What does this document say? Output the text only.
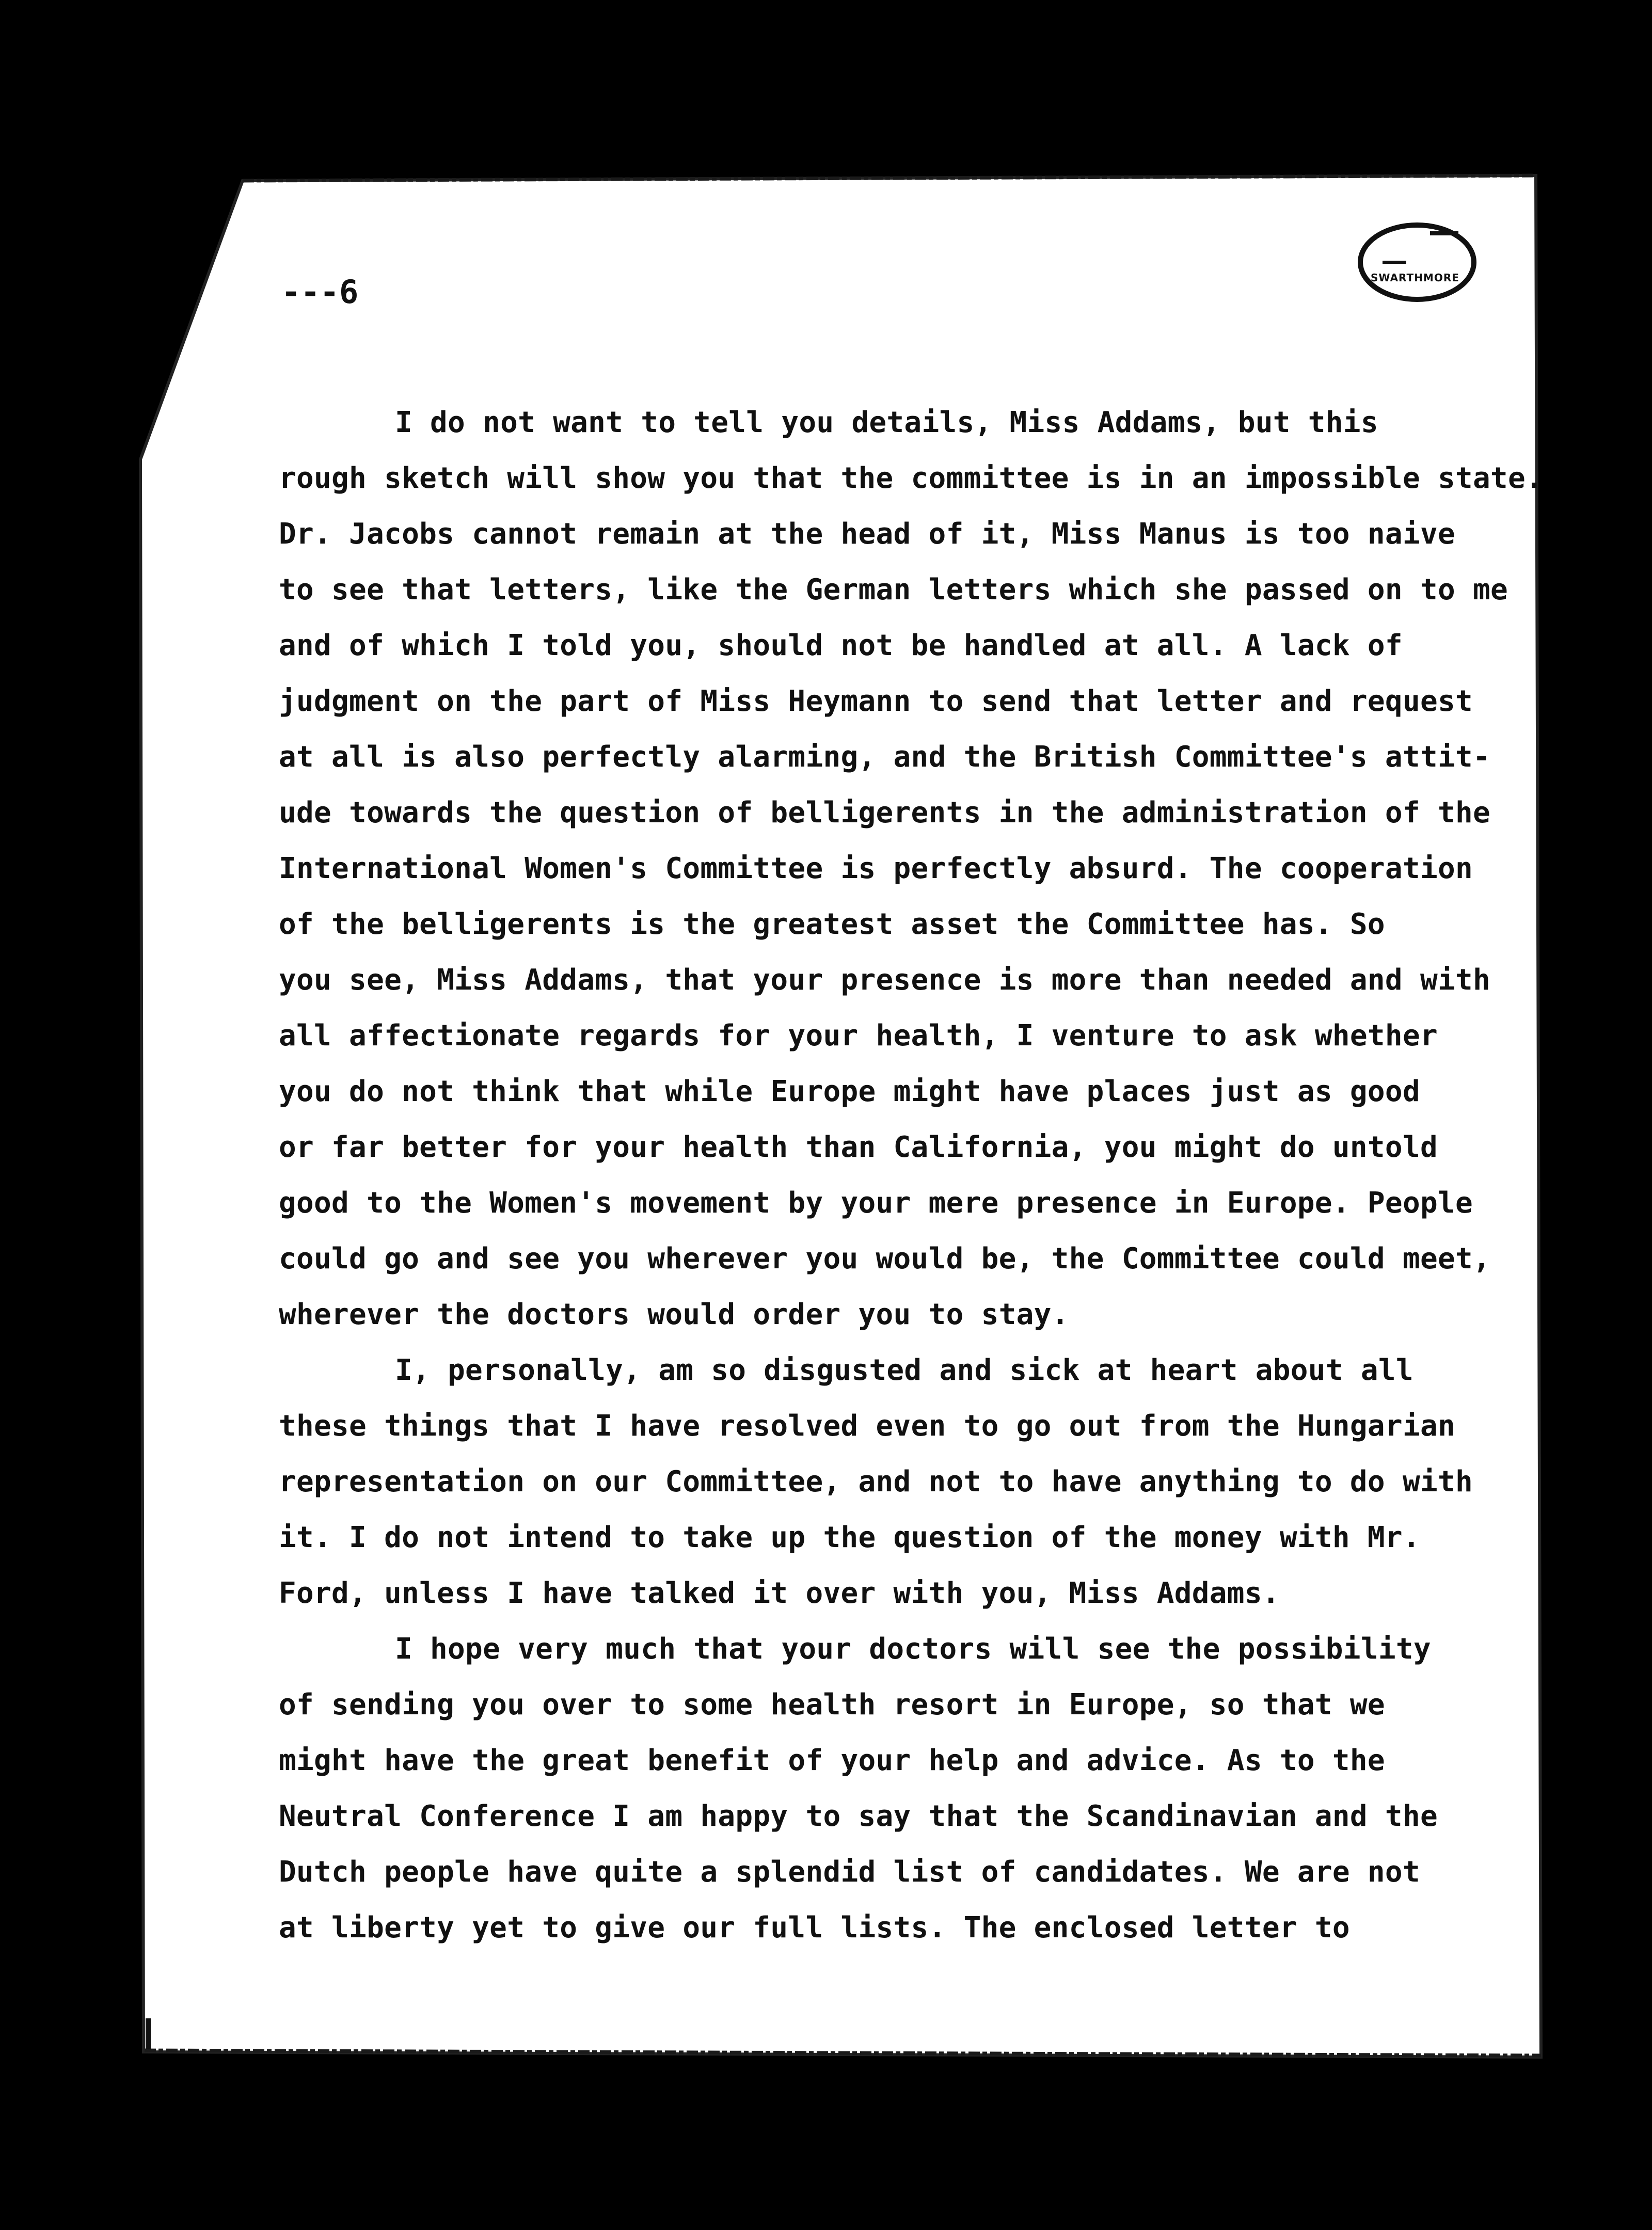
SWARTHMORE
---6
I do not want to tell you details, Miss Addams, but this
rough sketch will show you that the committee is in an impossible state.
Dr. Jacobs cannot remain at the head of it, Miss Manus is too naive
to see that letters, like the German letters which she passed on to me
and of which I told you, should not be handled at all. A lack of
judgment on the part of Miss Heymann to send that letter and request
at all is also perfectly alarming, and the British Committee's attit-
ude towards the question of belligerents in the administration of the
International Women's Committee is perfectly absurd. The cooperation
of the belligerents is the greatest asset the Committee has. So
you see, Miss Addams, that your presence is more than needed and with
all affectionate regards for your health, I venture to ask whether
you do not think that while Europe might have places just as good
or far better for your health than California, you might do untold
good to the Women's movement by your mere presence in Europe. People
could go and see you wherever you would be, the Committee could meet,
wherever the doctors would order you to stay.
I, personally, am so disgusted and sick at heart about all
these things that I have resolved even to go out from the Hungarian
representation on our Committee, and not to have anything to do with
it. I do not intend to take up the question of the money with Mr.
Ford, unless I have talked it over with you, Miss Addams.
I hope very much that your doctors will see the possibility
of sending you over to some health resort in Europe, so that we
might have the great benefit of your help and advice. As to the
Neutral Conference I am happy to say that the Scandinavian and the
Dutch people have quite a splendid list of candidates. We are not
at liberty yet to give our full lists. The enclosed letter to
